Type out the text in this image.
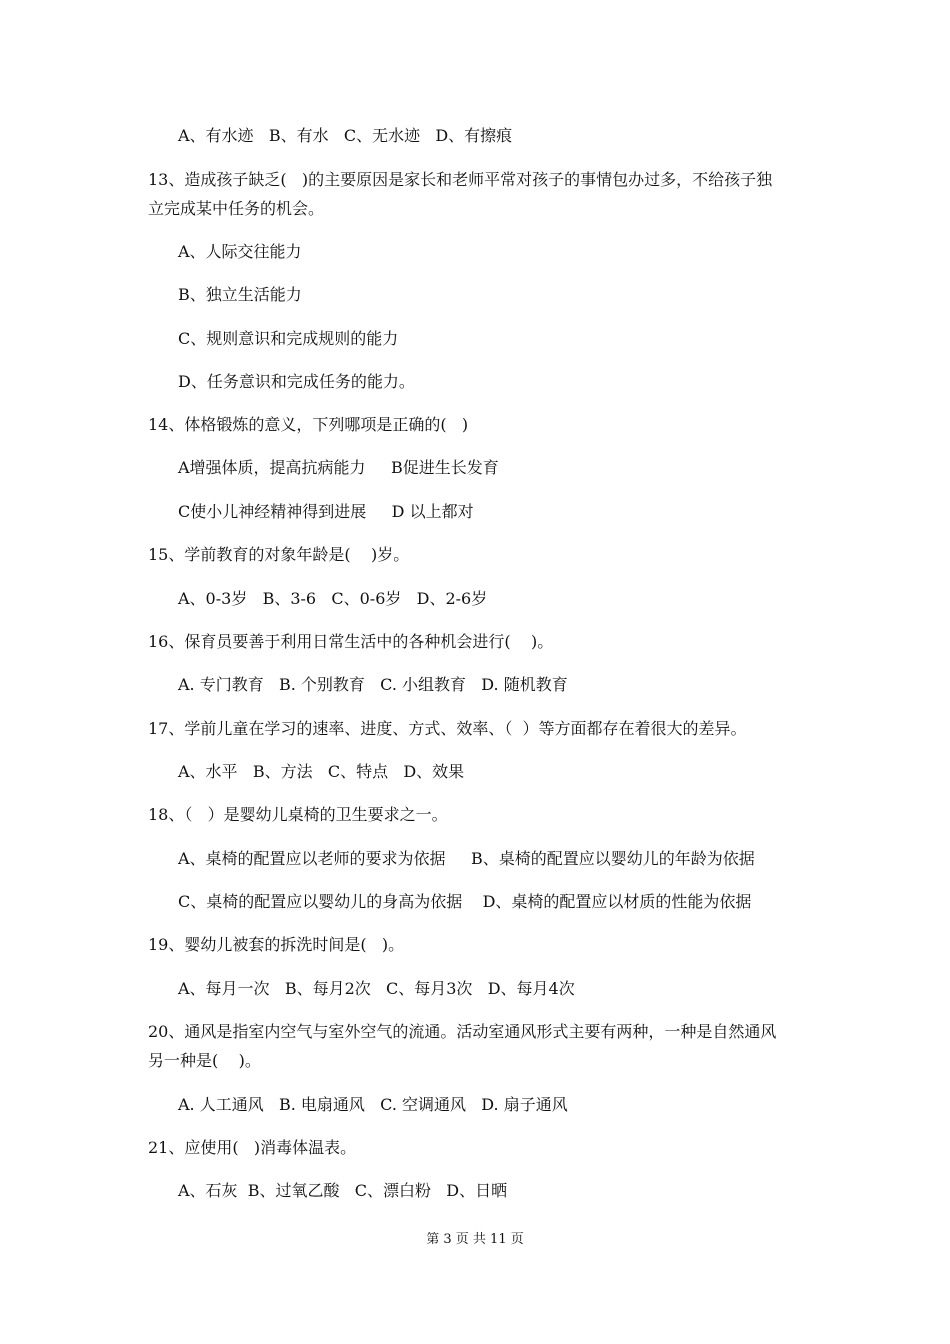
A、有水迹   B、有水   C、无水迹   D、有擦痕
13、造成孩子缺乏(   )的主要原因是家长和老师平常对孩子的事情包办过多，不给孩子独
立完成某中任务的机会。
A、人际交往能力
B、独立生活能力
C、规则意识和完成规则的能力
D、任务意识和完成任务的能力。
14、体格锻炼的意义，下列哪项是正确的(   )
A增强体质，提高抗病能力     B促进生长发育
C使小儿神经精神得到进展     D 以上都对
15、学前教育的对象年龄是(    )岁。
A、0-3岁   B、3-6   C、0-6岁   D、2-6岁
16、保育员要善于利用日常生活中的各种机会进行(    )。
A. 专门教育   B. 个别教育   C. 小组教育   D. 随机教育
17、学前儿童在学习的速率、进度、方式、效率、（  ）等方面都存在着很大的差异。
A、水平   B、方法   C、特点   D、效果
18、（   ）是婴幼儿桌椅的卫生要求之一。
A、桌椅的配置应以老师的要求为依据     B、桌椅的配置应以婴幼儿的年龄为依据
C、桌椅的配置应以婴幼儿的身高为依据    D、桌椅的配置应以材质的性能为依据
19、婴幼儿被套的拆洗时间是(   )。
A、每月一次   B、每月2次   C、每月3次   D、每月4次
20、通风是指室内空气与室外空气的流通。活动室通风形式主要有两种，一种是自然通风
另一种是(    )。
A. 人工通风   B. 电扇通风   C. 空调通风   D. 扇子通风
21、应使用(   )消毒体温表。
A、石灰  B、过氧乙酸   C、漂白粉   D、日晒
第 3 页 共 11 页
